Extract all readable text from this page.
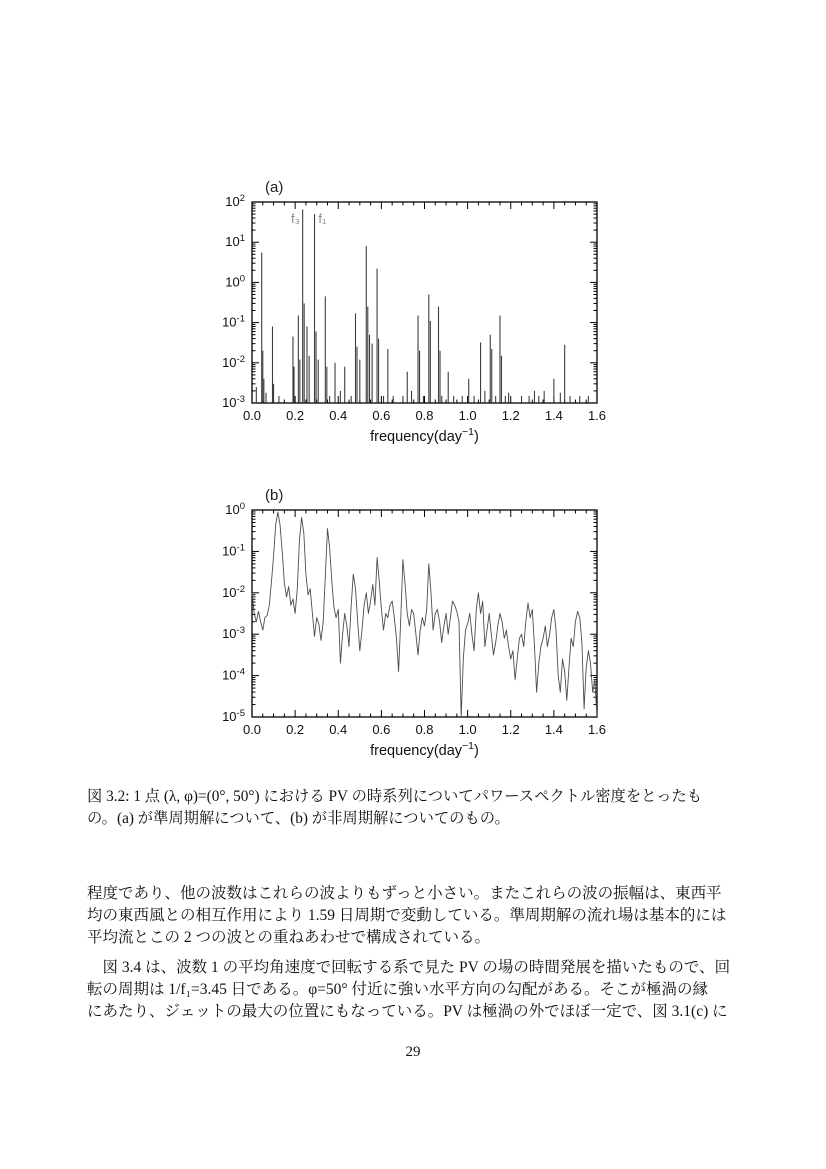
0.0 0.2 0.4 0.6 0.8 1.0 1.2 1.4 1.6
$10^2$
$10^1$
$10^0$
$10^{-1}$
$10^{-2}$
$10^{-3}$
f₃ f₁
(a)
frequency(day$^{-1}$)
0.0 0.2 0.4 0.6 0.8 1.0 1.2 1.4 1.6
$10^0$
$10^{-1}$
$10^{-2}$
$10^{-3}$
$10^{-4}$
$10^{-5}$
(b)
frequency(day$^{-1}$)
図 3.2: 1 点 (λ, φ)=(0°, 50°) における PV の時系列についてパワースペクトル密度をとったも
の。(a) が準周期解について、(b) が非周期解についてのもの。
程度であり、他の波数はこれらの波よりもずっと小さい。またこれらの波の振幅は、東西平
均の東西風との相互作用により 1.59 日周期で変動している。準周期解の流れ場は基本的には
平均流とこの 2 つの波との重ねあわせで構成されている。
　図 3.4 は、波数 1 の平均角速度で回転する系で見た PV の場の時間発展を描いたもので、回
転の周期は 1/f₁=3.45 日である。φ=50° 付近に強い水平方向の勾配がある。そこが極渦の縁
にあたり、ジェットの最大の位置にもなっている。PV は極渦の外でほぼ一定で、図 3.1(c) に
29
